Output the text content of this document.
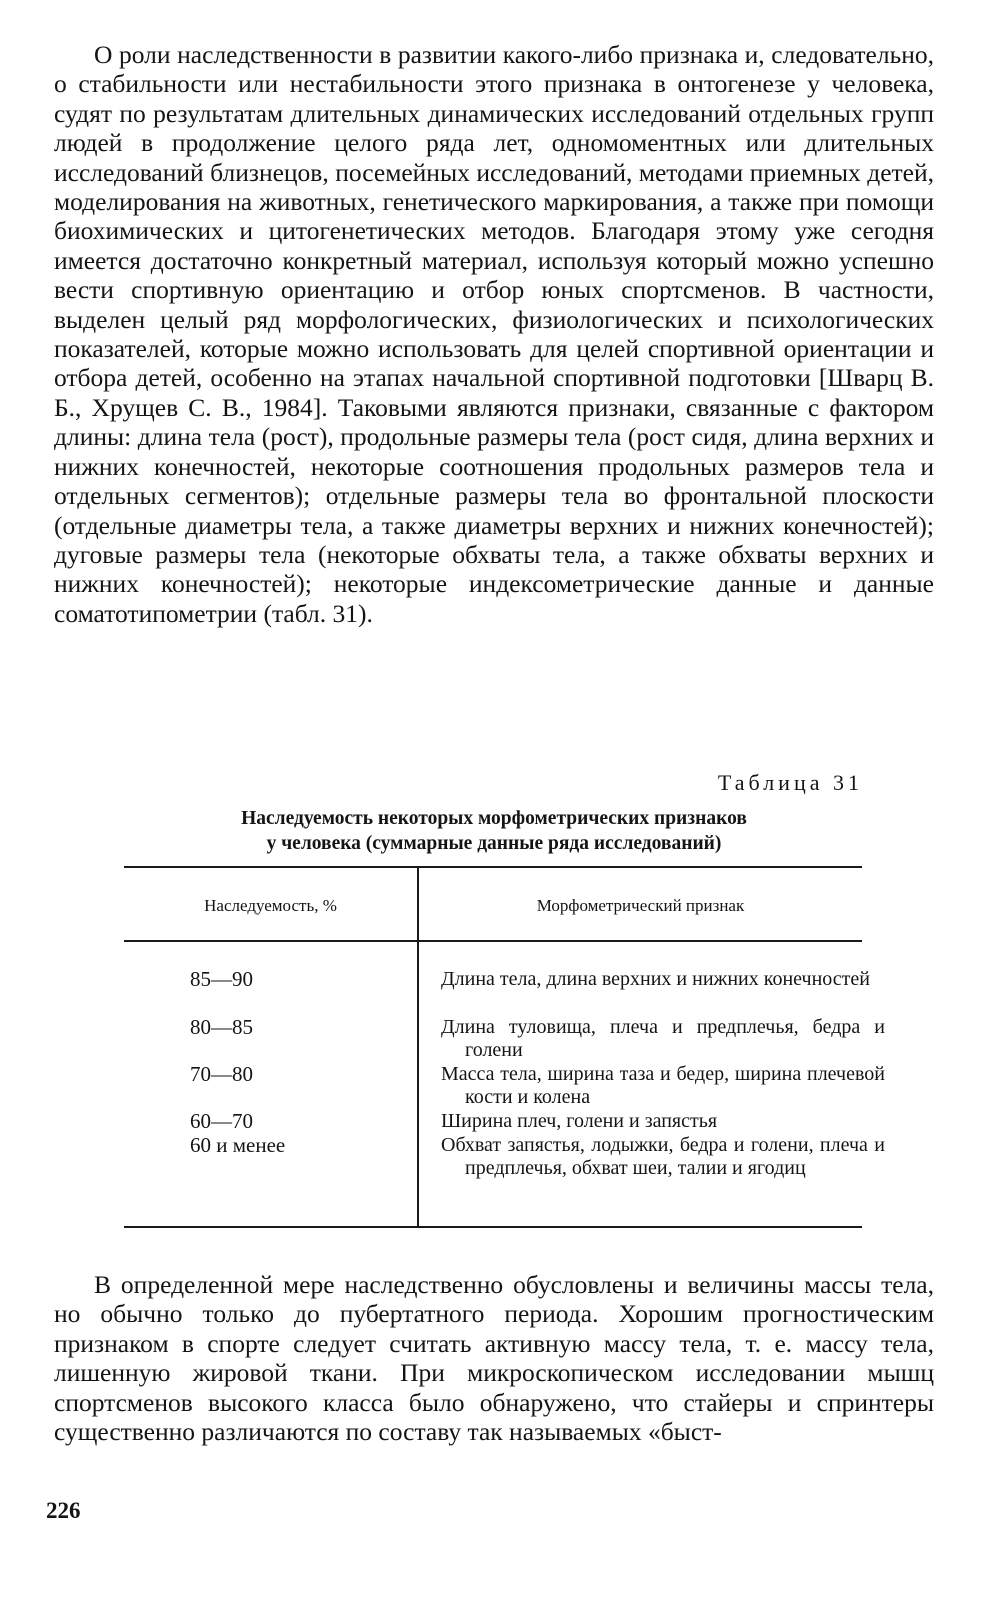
О роли наследственности в развитии какого-либо признака и, следовательно, о стабильности или нестабильности этого признака в онтогенезе у человека, судят по результатам длительных динамических исследований отдельных групп людей в продолжение целого ряда лет, одномоментных или длительных исследований близнецов, посемейных исследований, методами приемных детей, моделирования на животных, генетического маркирования, а также при помощи биохимических и цитогенетических методов. Благодаря этому уже сегодня имеется достаточно конкретный материал, используя который можно успешно вести спортивную ориентацию и отбор юных спортсменов. В частности, выделен целый ряд морфологических, физиологических и психологических показателей, которые можно использовать для целей спортивной ориентации и отбора детей, особенно на этапах начальной спортивной подготовки [Шварц В. Б., Хрущев С. В., 1984]. Таковыми являются признаки, связанные с фактором длины: длина тела (рост), продольные размеры тела (рост сидя, длина верхних и нижних конечностей, некоторые соотношения продольных размеров тела и отдельных сегментов); отдельные размеры тела во фронтальной плоскости (отдельные диаметры тела, а также диаметры верхних и нижних конечностей); дуговые размеры тела (некоторые обхваты тела, а также обхваты верхних и нижних конечностей); некоторые индексометрические данные и данные соматотипометрии (табл. 31).

Таблица 31
Наследуемость некоторых морфометрических признаков
у человека (суммарные данные ряда исследований)
Наследуемость, %	Морфометрический признак
85—90	Длина тела, длина верхних и нижних конечностей
80—85	Длина туловища, плеча и предплечья, бедра и голени
70—80	Масса тела, ширина таза и бедер, ширина плечевой кости и колена
60—70	Ширина плеч, голени и запястья
60 и менее	Обхват запястья, лодыжки, бедра и голени, плеча и предплечья, обхват шеи, талии и ягодиц

В определенной мере наследственно обусловлены и величины массы тела, но обычно только до пубертатного периода. Хорошим прогностическим признаком в спорте следует считать активную массу тела, т. е. массу тела, лишенную жировой ткани. При микроскопическом исследовании мышц спортсменов высокого класса было обнаружено, что стайеры и спринтеры существенно различаются по составу так называемых «быст-

226
